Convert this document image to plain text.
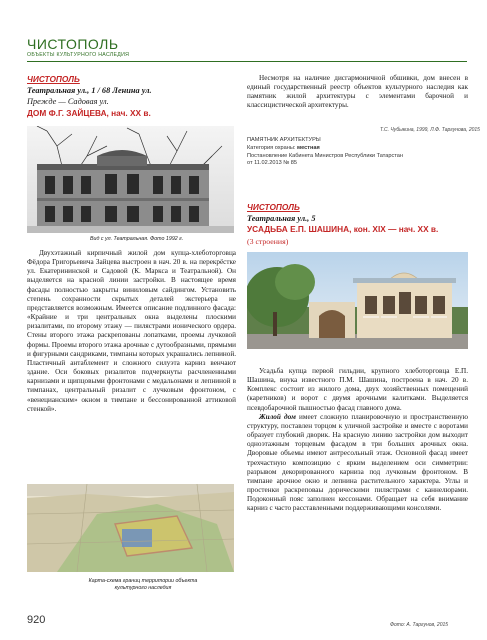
ЧИСТОПОЛЬ
ОБЪЕКТЫ КУЛЬТУРНОГО НАСЛЕДИЯ
ЧИСТОПОЛЬ
Театральная ул., 1 / 68 Ленина ул.
Прежде — Садовая ул.
ДОМ Ф.Г. ЗАЙЦЕВА, нач. XX в.
Вид с ул. Театральная. Фото 1992 г.

Двухэтажный кирпичный жилой дом купца-хлеботорговца Фёдора Григорьевича Зайцева выстроен в нач. 20 в. на перекрёстке ул. Екатерининской и Садовой (К. Маркса и Театральной). Он выделяется на красной линии застройки. В настоящее время фасады полностью закрыты виниловым сайдингом. Установить степень сохранности скрытых деталей экстерьера не представляется возможным. Имеется описание подлинного фасада: «Крайние и три центральных окна выделены плоскими ризалитами, по второму этажу — пилястрами ионического ордера. Стены второго этажа раскрепованы лопатками, проемы лучковой формы. Проемы второго этажа арочные с дутообразными, прямыми и фигурными сандриками, тимпаны которых украшались лепниной. Пластичный антаблемент и сложного силуэта карниз венчают здание. Оси боковых ризалитов подчеркнуты расчлененными карнизами и щипцовыми фронтонами с медальонами и лепниной в тимпанах, центральный ризалит с лучковым фронтоном, с «венецианским» окном в тимпане и бессонированной аттиковой стенкой».

Карта-схема границ территории объекта культурного наследия

Несмотря на наличие дисгармоничной обшивки, дом внесен в единый государственный реестр объектов культурного наследия как памятник жилой архитектуры с элементами барочной и классицистической архитектуры.

Т.С. Чубыкина, 1999, Л.Ф. Таргунова, 2015
ПАМЯТНИК АРХИТЕКТУРЫ
Категория охраны: местная
Постановление Кабинета Министров Республики Татарстан
от 11.02.2013 № 85
ЧИСТОПОЛЬ
Театральная ул., 5
УСАДЬБА Е.П. ШАШИНА, кон. XIX — нач. XX в.
(3 строения)

Усадьба купца первой гильдии, крупного хлеботорговца Е.П. Шашина, внука известного П.М. Шашина, построена в нач. 20 в. Комплекс состоит из жилого дома, двух хозяйственных помещений (каретников) и ворот с двумя арочными калитками. Выделяется псевдобарочной пышностью фасад главного дома.

Жилой дом имеет сложную планировочную и пространственную структуру, поставлен торцом к уличной застройке и вместе с воротами образует глубокий дворик. На красную линию застройки дом выходит одноэтажным торцевым фасадом в три больших арочных окна. Дворовые объемы имеют антресольный этаж. Основной фасад имеет трехчастную композицию с ярким выделением оси симметрии: разрывом декорированного карниза под лучковым фронтоном. В тимпане арочное окно и лепнина растительного характера. Углы и простенки раскреповаы дорическими пилястрами с каннелюрами. Подоконный пояс заполнен кессонами. Обращает на себя внимание карниз с часто расставленными поддерживающими консолями.

Фото: А. Таргунов, 2015
920
